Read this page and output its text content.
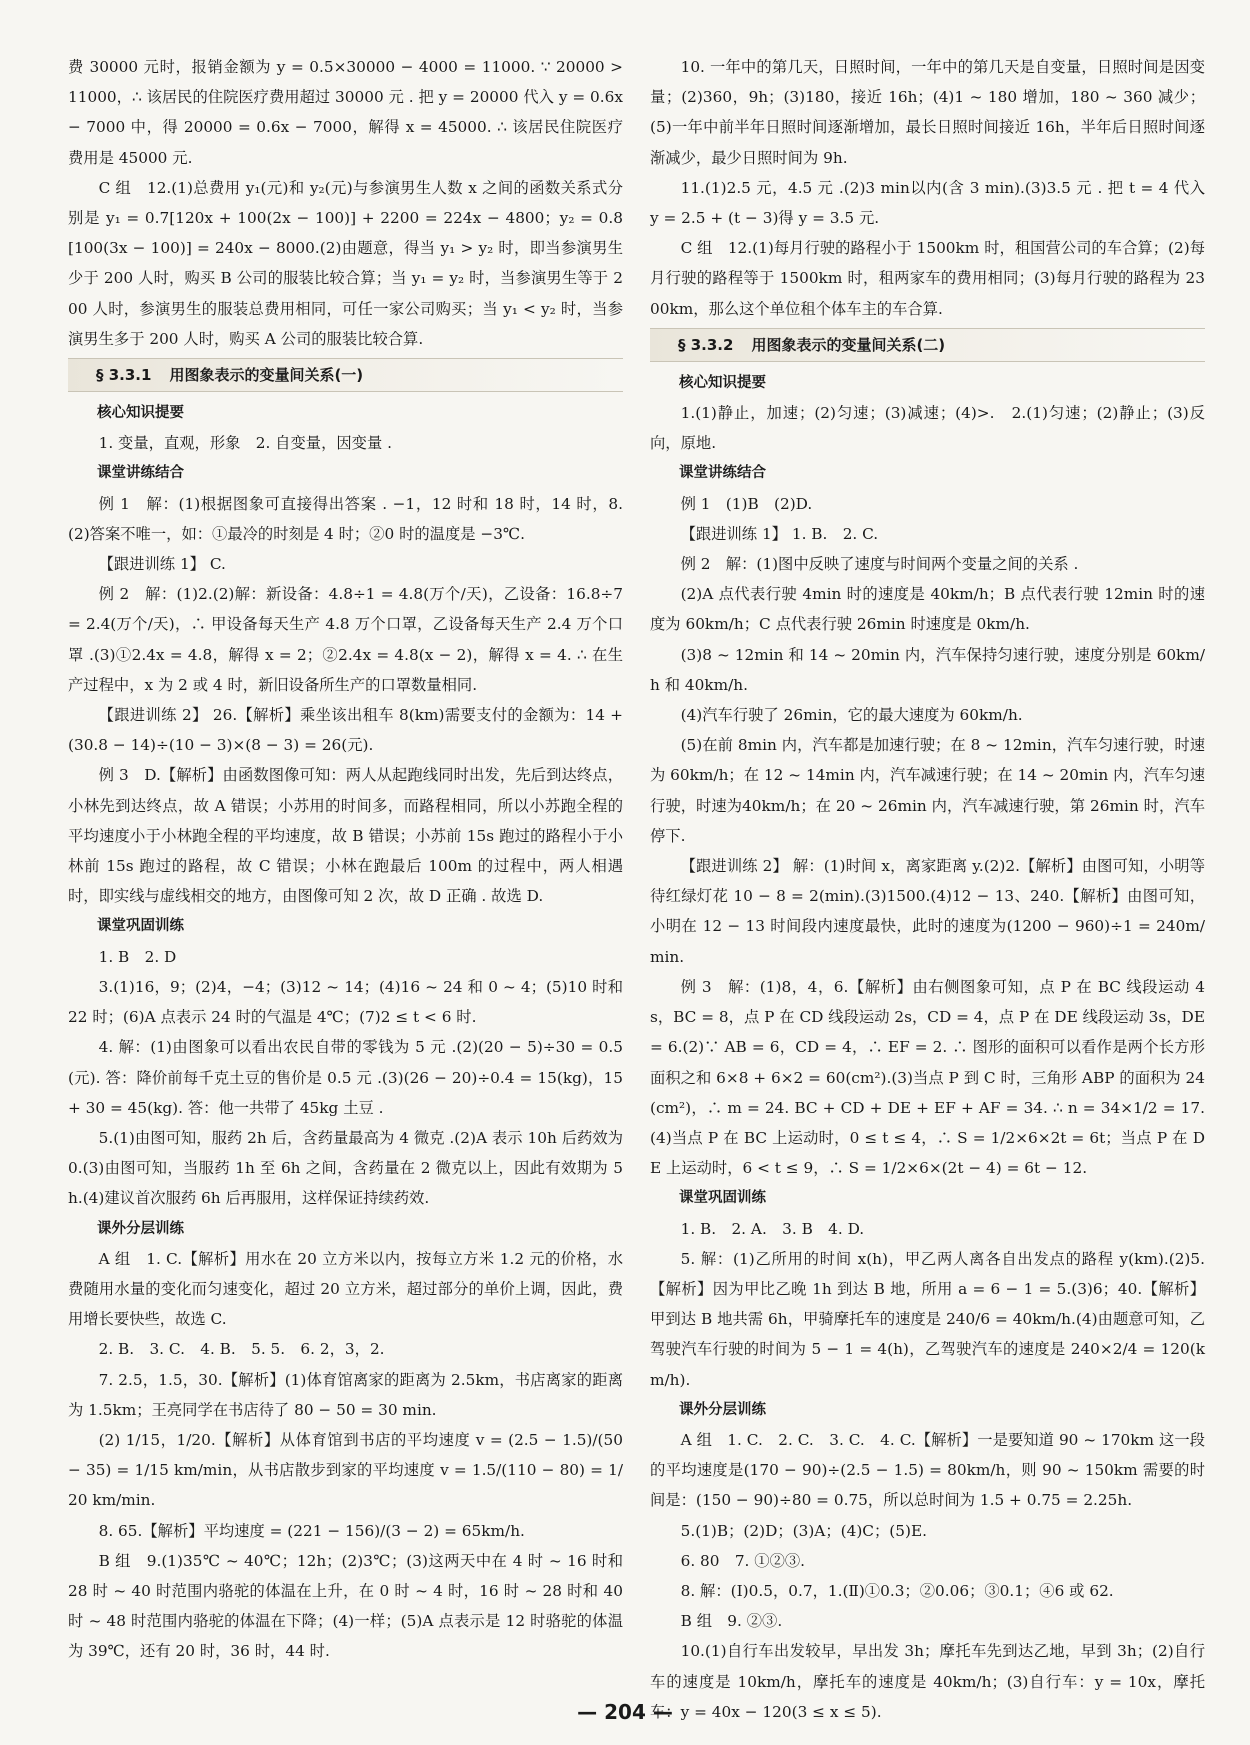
费 30000 元时，报销金额为 y = 0.5×30000 − 4000 = 11000. ∵ 20000 > 11000，∴ 该居民的住院医疗费用超过 30000 元 . 把 y = 20000 代入 y = 0.6x − 7000 中，得 20000 = 0.6x − 7000，解得 x = 45000. ∴ 该居民住院医疗费用是 45000 元.

C 组　12.(1)总费用 y₁(元)和 y₂(元)与参演男生人数 x 之间的函数关系式分别是 y₁ = 0.7[120x + 100(2x − 100)] + 2200 = 224x − 4800；y₂ = 0.8[100(3x − 100)] = 240x − 8000.(2)由题意，得当 y₁ > y₂ 时，即当参演男生少于 200 人时，购买 B 公司的服装比较合算；当 y₁ = y₂ 时，当参演男生等于 200 人时，参演男生的服装总费用相同，可任一家公司购买；当 y₁ < y₂ 时，当参演男生多于 200 人时，购买 A 公司的服装比较合算.

§ 3.3.1 用图象表示的变量间关系(一)

核心知识提要

1. 变量，直观，形象　2. 自变量，因变量 .

课堂讲练结合

例 1　解：(1)根据图象可直接得出答案 . −1，12 时和 18 时，14 时，8.　(2)答案不唯一，如：①最冷的时刻是 4 时；②0 时的温度是 −3℃.

【跟进训练 1】 C.

例 2　解：(1)2.(2)解：新设备：4.8÷1 = 4.8(万个/天)，乙设备：16.8÷7 = 2.4(万个/天)，∴ 甲设备每天生产 4.8 万个口罩，乙设备每天生产 2.4 万个口罩 .(3)①2.4x = 4.8，解得 x = 2；②2.4x = 4.8(x − 2)，解得 x = 4. ∴ 在生产过程中，x 为 2 或 4 时，新旧设备所生产的口罩数量相同.

【跟进训练 2】 26.【解析】乘坐该出租车 8(km)需要支付的金额为：14 + (30.8 − 14)÷(10 − 3)×(8 − 3) = 26(元).

例 3　D.【解析】由函数图像可知：两人从起跑线同时出发，先后到达终点，小林先到达终点，故 A 错误；小苏用的时间多，而路程相同，所以小苏跑全程的平均速度小于小林跑全程的平均速度，故 B 错误；小苏前 15s 跑过的路程小于小林前 15s 跑过的路程，故 C 错误；小林在跑最后 100m 的过程中，两人相遇时，即实线与虚线相交的地方，由图像可知 2 次，故 D 正确 . 故选 D.

课堂巩固训练

1. B　2. D

3.(1)16，9；(2)4，−4；(3)12 ~ 14；(4)16 ~ 24 和 0 ~ 4；(5)10 时和 22 时；(6)A 点表示 24 时的气温是 4℃；(7)2 ≤ t < 6 时.

4. 解：(1)由图象可以看出农民自带的零钱为 5 元 .(2)(20 − 5)÷30 = 0.5(元). 答：降价前每千克土豆的售价是 0.5 元 .(3)(26 − 20)÷0.4 = 15(kg)，15 + 30 = 45(kg). 答：他一共带了 45kg 土豆 .

5.(1)由图可知，服药 2h 后，含药量最高为 4 微克 .(2)A 表示 10h 后药效为 0.(3)由图可知，当服药 1h 至 6h 之间，含药量在 2 微克以上，因此有效期为 5h.(4)建议首次服药 6h 后再服用，这样保证持续药效.

课外分层训练

A 组　1. C.【解析】用水在 20 立方米以内，按每立方米 1.2 元的价格，水费随用水量的变化而匀速变化，超过 20 立方米，超过部分的单价上调，因此，费用增长要快些，故选 C.

2. B.　3. C.　4. B.　5. 5.　6. 2，3，2.

7. 2.5，1.5，30.【解析】(1)体育馆离家的距离为 2.5km，书店离家的距离为 1.5km；王亮同学在书店待了 80 − 50 = 30 min.

(2) 1/15，1/20.【解析】从体育馆到书店的平均速度 v = (2.5 − 1.5)/(50 − 35) = 1/15 km/min，从书店散步到家的平均速度 v = 1.5/(110 − 80) = 1/20 km/min.

8. 65.【解析】平均速度 = (221 − 156)/(3 − 2) = 65km/h.

B 组　9.(1)35℃ ~ 40℃；12h；(2)3℃；(3)这两天中在 4 时 ~ 16 时和 28 时 ~ 40 时范围内骆驼的体温在上升，在 0 时 ~ 4 时，16 时 ~ 28 时和 40 时 ~ 48 时范围内骆驼的体温在下降；(4)一样；(5)A 点表示是 12 时骆驼的体温为 39℃，还有 20 时，36 时，44 时.

10. 一年中的第几天，日照时间，一年中的第几天是自变量，日照时间是因变量；(2)360，9h；(3)180，接近 16h；(4)1 ~ 180 增加，180 ~ 360 减少；(5)一年中前半年日照时间逐渐增加，最长日照时间接近 16h，半年后日照时间逐渐减少，最少日照时间为 9h.

11.(1)2.5 元，4.5 元 .(2)3 min以内(含 3 min).(3)3.5 元 . 把 t = 4 代入 y = 2.5 + (t − 3)得 y = 3.5 元.

C 组　12.(1)每月行驶的路程小于 1500km 时，租国营公司的车合算；(2)每月行驶的路程等于 1500km 时，租两家车的费用相同；(3)每月行驶的路程为 2300km，那么这个单位租个体车主的车合算.

§ 3.3.2 用图象表示的变量间关系(二)

核心知识提要

1.(1)静止，加速；(2)匀速；(3)减速；(4)>.　2.(1)匀速；(2)静止；(3)反向，原地.

课堂讲练结合

例 1　(1)B　(2)D.

【跟进训练 1】 1. B.　2. C.

例 2　解：(1)图中反映了速度与时间两个变量之间的关系 .

(2)A 点代表行驶 4min 时的速度是 40km/h；B 点代表行驶 12min 时的速度为 60km/h；C 点代表行驶 26min 时速度是 0km/h.

(3)8 ~ 12min 和 14 ~ 20min 内，汽车保持匀速行驶，速度分别是 60km/h 和 40km/h.

(4)汽车行驶了 26min，它的最大速度为 60km/h.

(5)在前 8min 内，汽车都是加速行驶；在 8 ~ 12min，汽车匀速行驶，时速为 60km/h；在 12 ~ 14min 内，汽车减速行驶；在 14 ~ 20min 内，汽车匀速行驶，时速为40km/h；在 20 ~ 26min 内，汽车减速行驶，第 26min 时，汽车停下.

【跟进训练 2】 解：(1)时间 x，离家距离 y.(2)2.【解析】由图可知，小明等待红绿灯花 10 − 8 = 2(min).(3)1500.(4)12 − 13、240.【解析】由图可知，小明在 12 − 13 时间段内速度最快，此时的速度为(1200 − 960)÷1 = 240m/min.

例 3　解：(1)8，4，6.【解析】由右侧图象可知，点 P 在 BC 线段运动 4s，BC = 8，点 P 在 CD 线段运动 2s，CD = 4，点 P 在 DE 线段运动 3s，DE = 6.(2)∵ AB = 6，CD = 4，∴ EF = 2. ∴ 图形的面积可以看作是两个长方形面积之和 6×8 + 6×2 = 60(cm²).(3)当点 P 到 C 时，三角形 ABP 的面积为 24(cm²)，∴ m = 24. BC + CD + DE + EF + AF = 34. ∴ n = 34×1/2 = 17.(4)当点 P 在 BC 上运动时，0 ≤ t ≤ 4，∴ S = 1/2×6×2t = 6t；当点 P 在 DE 上运动时，6 < t ≤ 9，∴ S = 1/2×6×(2t − 4) = 6t − 12.

课堂巩固训练

1. B.　2. A.　3. B　4. D.

5. 解：(1)乙所用的时间 x(h)，甲乙两人离各自出发点的路程 y(km).(2)5.【解析】因为甲比乙晚 1h 到达 B 地，所用 a = 6 − 1 = 5.(3)6；40.【解析】甲到达 B 地共需 6h，甲骑摩托车的速度是 240/6 = 40km/h.(4)由题意可知，乙驾驶汽车行驶的时间为 5 − 1 = 4(h)，乙驾驶汽车的速度是 240×2/4 = 120(km/h).

课外分层训练

A 组　1. C.　2. C.　3. C.　4. C.【解析】一是要知道 90 ~ 170km 这一段的平均速度是(170 − 90)÷(2.5 − 1.5) = 80km/h，则 90 ~ 150km 需要的时间是：(150 − 90)÷80 = 0.75，所以总时间为 1.5 + 0.75 = 2.25h.

5.(1)B；(2)D；(3)A；(4)C；(5)E.

6. 80　7. ①②③.

8. 解：(Ⅰ)0.5，0.7，1.(Ⅱ)①0.3；②0.06；③0.1；④6 或 62.

B 组　9. ②③.

10.(1)自行车出发较早，早出发 3h；摩托车先到达乙地，早到 3h；(2)自行车的速度是 10km/h，摩托车的速度是 40km/h；(3)自行车：y = 10x，摩托车：y = 40x − 120(3 ≤ x ≤ 5).

— 204 —
